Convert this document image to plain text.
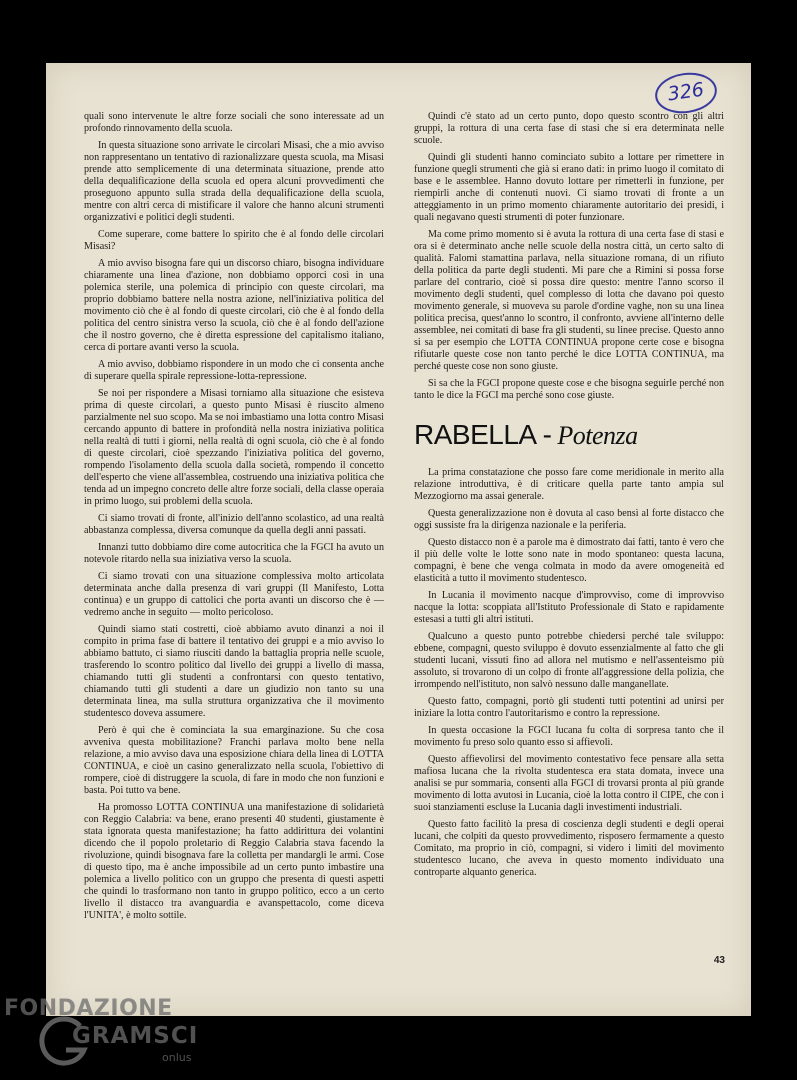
326

quali sono intervenute le altre forze sociali che sono interessate ad un profondo rinnovamento della scuola.

In questa situazione sono arrivate le circolari Misasi, che a mio avviso non rappresentano un tentativo di razionalizzare questa scuola, ma Misasi prende atto semplicemente di una determinata situazione, prende atto della dequalificazione della scuola ed opera alcuni provvedimenti che proseguono appunto sulla strada della dequalificazione della scuola, mentre con altri cerca di mistificare il valore che hanno alcuni strumenti organizzativi e politici degli studenti.

Come superare, come battere lo spirito che è al fondo delle circolari Misasi?

A mio avviso bisogna fare qui un discorso chiaro, bisogna individuare chiaramente una linea d'azione, non dobbiamo opporci così in una polemica sterile, una polemica di principio con queste circolari, ma proprio dobbiamo battere nella nostra azione, nell'iniziativa politica del movimento ciò che è al fondo di queste circolari, ciò che è al fondo della politica del centro sinistra verso la scuola, ciò che è al fondo dell'azione che il nostro governo, che è diretta espressione del capitalismo italiano, cerca di portare avanti verso la scuola.

A mio avviso, dobbiamo rispondere in un modo che ci consenta anche di superare quella spirale repressione-lotta-repressione.

Se noi per rispondere a Misasi torniamo alla situazione che esisteva prima di queste circolari, a questo punto Misasi è riuscito almeno parzialmente nel suo scopo. Ma se noi imbastiamo una lotta contro Misasi cercando appunto di battere in profondità nella nostra iniziativa politica nella realtà di tutti i giorni, nella realtà di ogni scuola, ciò che è al fondo di queste circolari, cioè spezzando l'iniziativa politica del governo, rompendo l'isolamento della scuola dalla società, rompendo il concetto dell'esperto che viene all'assemblea, costruendo una iniziativa politica che tenda ad un impegno concreto delle altre forze sociali, della classe operaia in primo luogo, sui problemi della scuola.

Ci siamo trovati di fronte, all'inizio dell'anno scolastico, ad una realtà abbastanza complessa, diversa comunque da quella degli anni passati.

Innanzi tutto dobbiamo dire come autocritica che la FGCI ha avuto un notevole ritardo nella sua iniziativa verso la scuola.

Ci siamo trovati con una situazione complessiva molto articolata determinata anche dalla presenza di vari gruppi (Il Manifesto, Lotta continua) e un gruppo di cattolici che porta avanti un discorso che è — vedremo anche in seguito — molto pericoloso.

Quindi siamo stati costretti, cioè abbiamo avuto dinanzi a noi il compito in prima fase di battere il tentativo dei gruppi e a mio avviso lo abbiamo battuto, ci siamo riusciti dando la battaglia propria nelle scuole, trasferendo lo scontro politico dal livello dei gruppi a livello di massa, chiamando tutti gli studenti a confrontarsi con questo tentativo, chiamando tutti gli studenti a dare un giudizio non tanto su una determinata linea, ma sulla struttura organizzativa che il movimento studentesco doveva assumere.

Però è qui che è cominciata la sua emarginazione. Su che cosa avveniva questa mobilitazione? Franchi parlava molto bene nella relazione, a mio avviso dava una esposizione chiara della linea di LOTTA CONTINUA, e cioè un casino generalizzato nella scuola, l'obiettivo di rompere, cioè di distruggere la scuola, di fare in modo che non funzioni e basta. Poi tutto va bene.

Ha promosso LOTTA CONTINUA una manifestazione di solidarietà con Reggio Calabria: va bene, erano presenti 40 studenti, giustamente è stata ignorata questa manifestazione; ha fatto addirittura dei volantini dicendo che il popolo proletario di Reggio Calabria stava facendo la rivoluzione, quindi bisognava fare la colletta per mandargli le armi. Cose di questo tipo, ma è anche impossibile ad un certo punto imbastire una polemica a livello politico con un gruppo che presenta di questi aspetti che quindi lo trasformano non tanto in gruppo politico, ecco a un certo livello il distacco tra avanguardia e avanspettacolo, come diceva l'UNITA', è molto sottile.

Quindi c'è stato ad un certo punto, dopo questo scontro con gli altri gruppi, la rottura di una certa fase di stasi che si era determinata nelle scuole.

Quindi gli studenti hanno cominciato subito a lottare per rimettere in funzione quegli strumenti che già si erano dati: in primo luogo il comitato di base e le assemblee. Hanno dovuto lottare per rimetterli in funzione, per riempirli anche di contenuti nuovi. Ci siamo trovati di fronte a un atteggiamento in un primo momento chiaramente autoritario dei presidi, i quali negavano questi strumenti di poter funzionare.

Ma come primo momento si è avuta la rottura di una certa fase di stasi e ora si è determinato anche nelle scuole della nostra città, un certo salto di qualità. Falomi stamattina parlava, nella situazione romana, di un rifiuto della politica da parte degli studenti. Mi pare che a Rimini si possa forse parlare del contrario, cioè si possa dire questo: mentre l'anno scorso il movimento degli studenti, quel complesso di lotta che davano poi questo movimento generale, si muoveva su parole d'ordine vaghe, non su una linea politica precisa, quest'anno lo scontro, il confronto, avviene all'interno delle assemblee, nei comitati di base fra gli studenti, su linee precise. Questo anno si sa per esempio che LOTTA CONTINUA propone certe cose e bisogna rifiutarle queste cose non tanto perché le dice LOTTA CONTINUA, ma perché queste cose non sono giuste.

Si sa che la FGCI propone queste cose e che bisogna seguirle perché non tanto le dice la FGCI ma perché sono cose giuste.

RABELLA - Potenza

La prima constatazione che posso fare come meridionale in merito alla relazione introduttiva, è di criticare quella parte tanto ampia sul Mezzogiorno ma assai generale.

Questa generalizzazione non è dovuta al caso bensì al forte distacco che oggi sussiste fra la dirigenza nazionale e la periferia.

Questo distacco non è a parole ma è dimostrato dai fatti, tanto è vero che il più delle volte le lotte sono nate in modo spontaneo: questa lacuna, compagni, è bene che venga colmata in modo da avere omogeneità ed elasticità a tutto il movimento studentesco.

In Lucania il movimento nacque d'improvviso, come di improvviso nacque la lotta: scoppiata all'Istituto Professionale di Stato e rapidamente estesasi a tutti gli altri istituti.

Qualcuno a questo punto potrebbe chiedersi perché tale sviluppo: ebbene, compagni, questo sviluppo è dovuto essenzialmente al fatto che gli studenti lucani, vissuti fino ad allora nel mutismo e nell'assenteismo più assoluto, si trovarono di un colpo di fronte all'aggressione della polizia, che irrompendo nell'istituto, non salvò nessuno dalle manganellate.

Questo fatto, compagni, portò gli studenti tutti potentini ad unirsi per iniziare la lotta contro l'autoritarismo e contro la repressione.

In questa occasione la FGCI lucana fu colta di sorpresa tanto che il movimento fu preso solo quanto esso si affievolì.

Questo affievolirsi del movimento contestativo fece pensare alla setta mafiosa lucana che la rivolta studentesca era stata domata, invece una analisi se pur sommaria, consentì alla FGCI di trovarsi pronta al più grande movimento di lotta avutosi in Lucania, cioè la lotta contro il CIPE, che con i suoi stanziamenti escluse la Lucania dagli investimenti industriali.

Questo fatto facilitò la presa di coscienza degli studenti e degli operai lucani, che colpiti da questo provvedimento, risposero fermamente a questo Comitato, ma proprio in ciò, compagni, si videro i limiti del movimento studentesco lucano, che aveva in questo momento individuato una controparte alquanto generica.

43
FONDAZIONE
GRAMSCI
onlus
